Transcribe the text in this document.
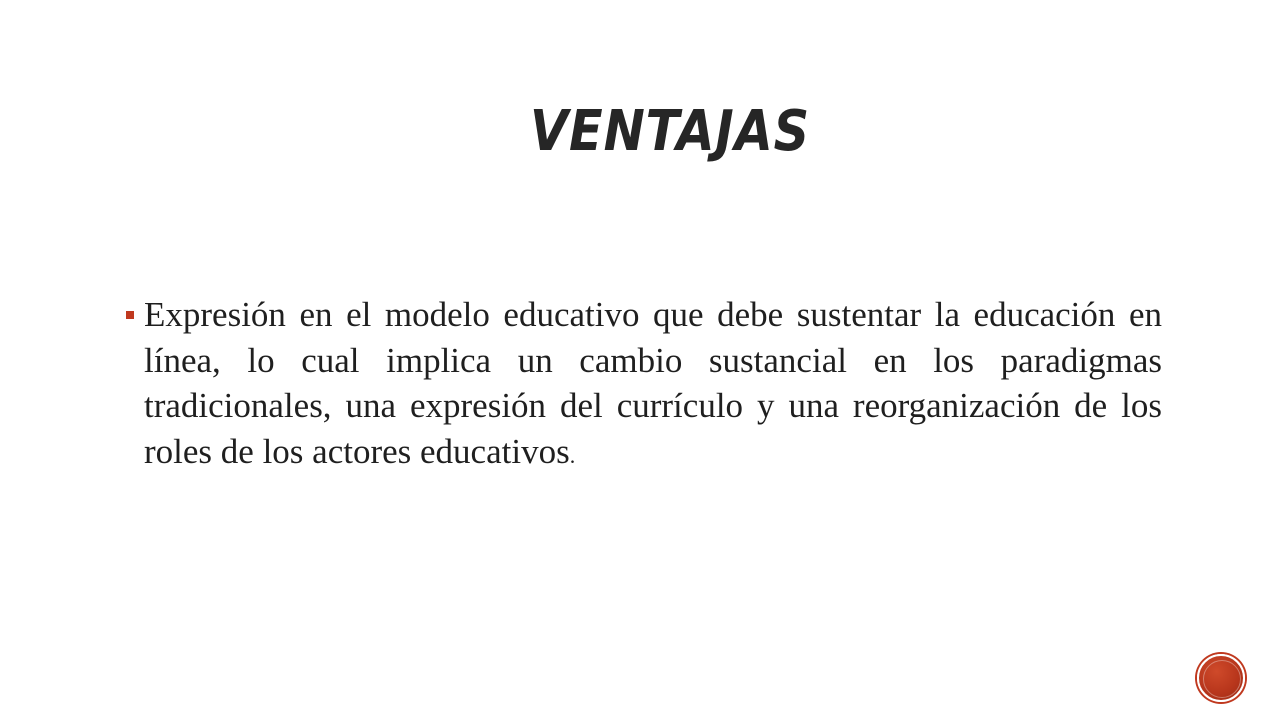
VENTAJAS
Expresión en el modelo educativo que debe sustentar la educación en línea, lo cual implica un cambio sustancial en los paradigmas tradicionales, una expresión del currículo y una reorganización de los roles de los actores educativos.
